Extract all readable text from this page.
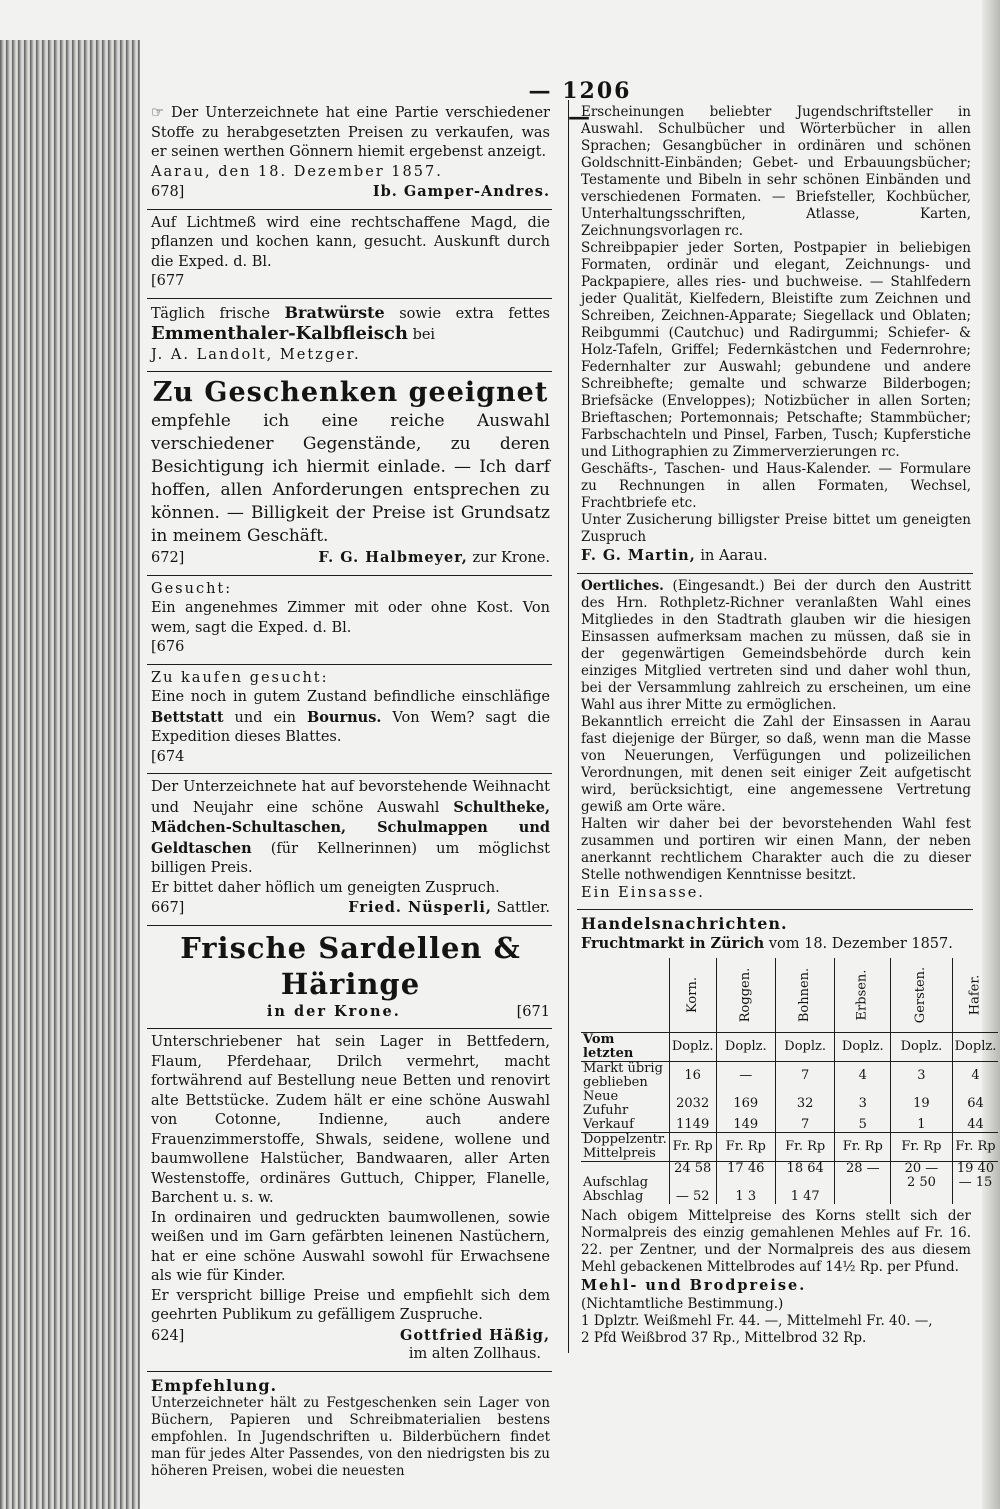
— 1206 —

☞ Der Unterzeichnete hat eine Partie verschiedener Stoffe zu herabgesetzten Preisen zu verkaufen, was er seinen werthen Gönnern hiemit ergebenst anzeigt.

Aarau, den 18. Dezember 1857.

678]	Ib. Gamper-Andres.

Auf Lichtmeß wird eine rechtschaffene Magd, die pflanzen und kochen kann, gesucht. Auskunft durch die Exped. d. Bl.

[677

Täglich frische Bratwürste sowie extra fettes Emmenthaler-Kalbfleisch bei

J. A. Landolt, Metzger.

Zu Geschenken geeignet

empfehle ich eine reiche Auswahl verschiedener Gegenstände, zu deren Besichtigung ich hiermit einlade. — Ich darf hoffen, allen Anforderungen entsprechen zu können. — Billigkeit der Preise ist Grundsatz in meinem Geschäft.

672]	F. G. Halbmeyer, zur Krone.

Gesucht:

Ein angenehmes Zimmer mit oder ohne Kost. Von wem, sagt die Exped. d. Bl.

[676

Zu kaufen gesucht:

Eine noch in gutem Zustand befindliche einschläfige Bettstatt und ein Bournus. Von Wem? sagt die Expedition dieses Blattes.

[674

Der Unterzeichnete hat auf bevorstehende Weihnacht und Neujahr eine schöne Auswahl Schultheke, Mädchen-Schultaschen, Schulmappen und Geldtaschen (für Kellnerinnen) um möglichst billigen Preis.

Er bittet daher höflich um geneigten Zuspruch.

667]	Fried. Nüsperli, Sattler.
Frische Sardellen & Häringe
in der Krone.	[671

Unterschriebener hat sein Lager in Bettfedern, Flaum, Pferdehaar, Drilch vermehrt, macht fortwährend auf Bestellung neue Betten und renovirt alte Bettstücke. Zudem hält er eine schöne Auswahl von Cotonne, Indienne, auch andere Frauenzimmerstoffe, Shwals, seidene, wollene und baumwollene Halstücher, Bandwaaren, aller Arten Westenstoffe, ordinäres Guttuch, Chipper, Flanelle, Barchent u. s. w.

In ordinairen und gedruckten baumwollenen, sowie weißen und im Garn gefärbten leinenen Nastüchern, hat er eine schöne Auswahl sowohl für Erwachsene als wie für Kinder.

Er verspricht billige Preise und empfiehlt sich dem geehrten Publikum zu gefälligem Zuspruche.

624]	Gottfried Häßig,
im alten Zollhaus.

Empfehlung.

Unterzeichneter hält zu Festgeschenken sein Lager von Büchern, Papieren und Schreibmaterialien bestens empfohlen. In Jugendschriften u. Bilderbüchern findet man für jedes Alter Passendes, von den niedrigsten bis zu höheren Preisen, wobei die neuesten

Erscheinungen beliebter Jugendschriftsteller in Auswahl. Schulbücher und Wörterbücher in allen Sprachen; Gesangbücher in ordinären und schönen Goldschnitt-Einbänden; Gebet- und Erbauungsbücher; Testamente und Bibeln in sehr schönen Einbänden und verschiedenen Formaten. — Briefsteller, Kochbücher, Unterhaltungsschriften, Atlasse, Karten, Zeichnungsvorlagen rc.

Schreibpapier jeder Sorten, Postpapier in beliebigen Formaten, ordinär und elegant, Zeichnungs- und Packpapiere, alles ries- und buchweise. — Stahlfedern jeder Qualität, Kielfedern, Bleistifte zum Zeichnen und Schreiben, Zeichnen-Apparate; Siegellack und Oblaten; Reibgummi (Cautchuc) und Radirgummi; Schiefer- & Holz-Tafeln, Griffel; Federnkästchen und Federnrohre; Federnhalter zur Auswahl; gebundene und andere Schreibhefte; gemalte und schwarze Bilderbogen; Briefsäcke (Enveloppes); Notizbücher in allen Sorten; Brieftaschen; Portemonnais; Petschafte; Stammbücher; Farbschachteln und Pinsel, Farben, Tusch; Kupferstiche und Lithographien zu Zimmerverzierungen rc.

Geschäfts-, Taschen- und Haus-Kalender. — Formulare zu Rechnungen in allen Formaten, Wechsel, Frachtbriefe etc.

Unter Zusicherung billigster Preise bittet um geneigten Zuspruch

F. G. Martin, in Aarau.

Oertliches. (Eingesandt.) Bei der durch den Austritt des Hrn. Rothpletz-Richner veranlaßten Wahl eines Mitgliedes in den Stadtrath glauben wir die hiesigen Einsassen aufmerksam machen zu müssen, daß sie in der gegenwärtigen Gemeindsbehörde durch kein einziges Mitglied vertreten sind und daher wohl thun, bei der Versammlung zahlreich zu erscheinen, um eine Wahl aus ihrer Mitte zu ermöglichen.

Bekanntlich erreicht die Zahl der Einsassen in Aarau fast diejenige der Bürger, so daß, wenn man die Masse von Neuerungen, Verfügungen und polizeilichen Verordnungen, mit denen seit einiger Zeit aufgetischt wird, berücksichtigt, eine angemessene Vertretung gewiß am Orte wäre.

Halten wir daher bei der bevorstehenden Wahl fest zusammen und portiren wir einen Mann, der neben anerkannt rechtlichem Charakter auch die zu dieser Stelle nothwendigen Kenntnisse besitzt.

Ein Einsasse.

Handelsnachrichten.

Fruchtmarkt in Zürich vom 18. Dezember 1857.

	Korn.	Roggen.	Bohnen.	Erbsen.	Gersten.	Hafer.
Vom letzten	Doplz.	Doplz.	Doplz.	Doplz.	Doplz.	Doplz.
Markt übrig geblieben	16	—	7	4	3	4
Neue Zufuhr	2032	169	32	3	19	64
Verkauf	1149	149	7	5	1	44
Doppelzentr. Mittelpreis	Fr. Rp	Fr. Rp	Fr. Rp	Fr. Rp	Fr. Rp	Fr. Rp
	24 58	17 46	18 64	28 —	20 —	19 40
Aufschlag					2 50	— 15
Abschlag	— 52	1 3	1 47			

Nach obigem Mittelpreise des Korns stellt sich der Normalpreis des einzig gemahlenen Mehles auf Fr. 16. 22. per Zentner, und der Normalpreis des aus diesem Mehl gebackenen Mittelbrodes auf 14½ Rp. per Pfund.

Mehl- und Brodpreise.

(Nichtamtliche Bestimmung.)

1 Dplztr. Weißmehl Fr. 44. —, Mittelmehl Fr. 40. —,

2 Pfd Weißbrod 37 Rp., Mittelbrod 32 Rp.
